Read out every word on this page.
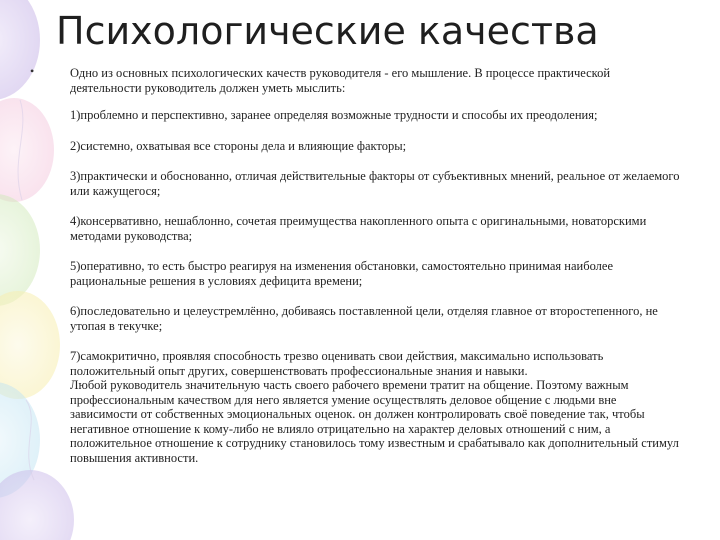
Психологические качества
•	Одно из основных психологических качеств руководителя - его мышление. В процессе практической деятельности руководитель должен уметь мыслить:

1)проблемно и перспективно, заранее определяя возможные трудности и способы их преодоления;

2)системно, охватывая все стороны дела и влияющие факторы;

3)практически и обоснованно, отличая действительные факторы от субъективных мнений, реальное от желаемого или кажущегося;

4)консервативно, нешаблонно, сочетая преимущества накопленного опыта с оригинальными, новаторскими методами руководства;

5)оперативно, то есть быстро реагируя на изменения обстановки, самостоятельно принимая наиболее рациональные решения в условиях дефицита времени;

6)последовательно и целеустремлённо, добиваясь поставленной цели, отделяя главное от второстепенного, не утопая в текучке;

7)самокритично, проявляя способность трезво оценивать свои действия, максимально использовать положительный опыт других, совершенствовать профессиональные знания и навыки.

Любой руководитель значительную часть своего рабочего времени тратит на общение. Поэтому важным профессиональным качеством для него является умение осуществлять деловое общение с людьми вне зависимости от собственных эмоциональных оценок. он должен контролировать своё поведение так, чтобы негативное отношение к кому-либо не влияло отрицательно на характер деловых отношений с ним, а положительное отношение к сотруднику становилось тому известным и срабатывало как дополнительный стимул повышения активности.
